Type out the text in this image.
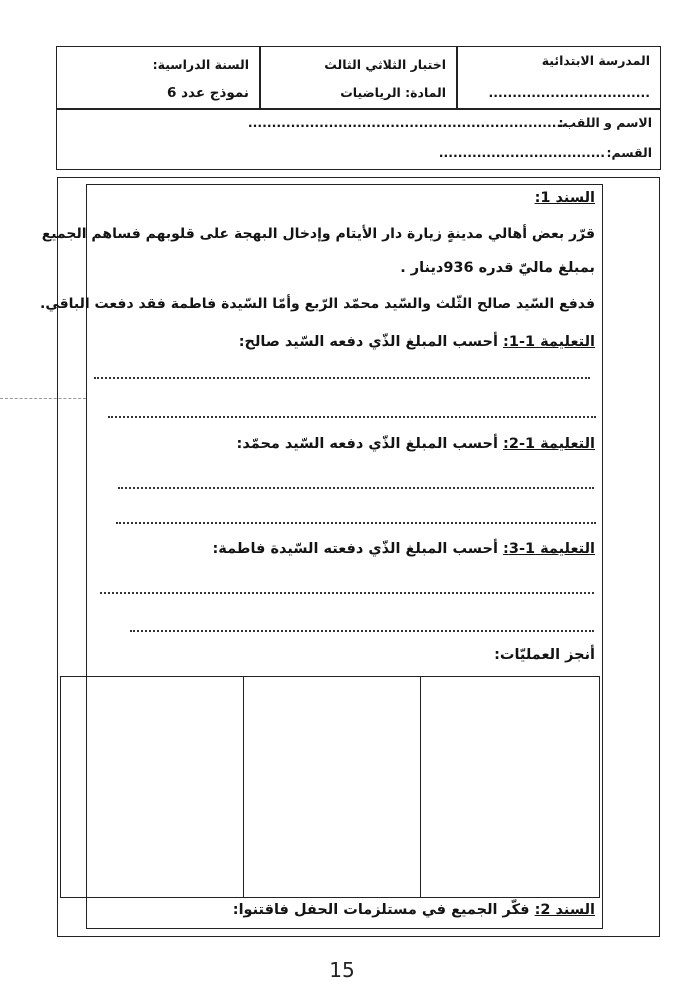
المدرسة الابتدائية
..................................
اختبار الثلاثي الثالث
المادة: الرياضيات
السنة الدراسية:
نموذج عدد 6
الاسم و اللقب:
...................................................................
القسم:
...................................
السند 1:
قرّر بعض أهالي مدينةٍ زيارة دار الأيتام وإدخال البهجة على قلوبهم فساهم الجميع
بمبلغ ماليّ قدره 936دينار .
فدفع السّيد صالح الثّلث والسّيد محمّد الرّبع وأمّا السّيدة فاطمة فقد دفعت الباقي.
التعليمة 1-1: أحسب المبلغ الذّي دفعه السّيد صالح:
التعليمة 1-2: أحسب المبلغ الذّي دفعه السّيد محمّد:
التعليمة 1-3: أحسب المبلغ الذّي دفعته السّيدة فاطمة:
أنجز العمليّات:
السند 2: فكّر الجميع في مستلزمات الحفل فاقتنوا:
15
